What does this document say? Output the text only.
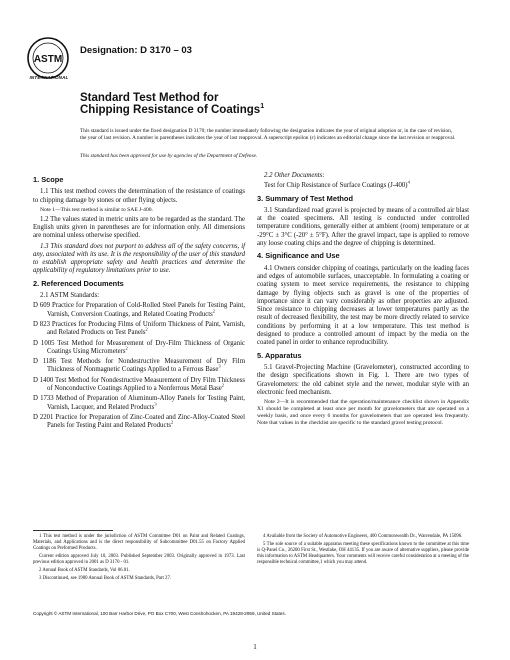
ASTM
INTERNATIONAL
Designation: D 3170 – 03
Standard Test Method for
Chipping Resistance of Coatings$^1$
This standard is issued under the fixed designation D 3170; the number immediately following the designation indicates the year of original adoption or, in the case of revision, the year of last revision. A number in parentheses indicates the year of last reapproval. A superscript epsilon (ε) indicates an editorial change since the last revision or reapproval.
This standard has been approved for use by agencies of the Department of Defense.

1. Scope

1.1 This test method covers the determination of the resistance of coatings to chipping damage by stones or other flying objects.

Note 1—This test method is similar to SAE J-400.

1.2 The values stated in metric units are to be regarded as the standard. The English units given in parentheses are for information only. All dimensions are nominal unless otherwise specified.

1.3 This standard does not purport to address all of the safety concerns, if any, associated with its use. It is the responsibility of the user of this standard to establish appropriate safety and health practices and determine the applicability of regulatory limitations prior to use.

2. Referenced Documents

2.1 ASTM Standards:

D 609 Practice for Preparation of Cold-Rolled Steel Panels for Testing Paint, Varnish, Conversion Coatings, and Related Coating Products$^2$

D 823 Practices for Producing Films of Uniform Thickness of Paint, Varnish, and Related Products on Test Panels$^2$

D 1005 Test Method for Measurement of Dry-Film Thickness of Organic Coatings Using Micrometers$^2$

D 1186 Test Methods for Nondestructive Measurement of Dry Film Thickness of Nonmagnetic Coatings Applied to a Ferrous Base$^3$

D 1400 Test Method for Nondestructive Measurement of Dry Film Thickness of Nonconductive Coatings Applied to a Nonferrous Metal Base$^2$

D 1733 Method of Preparation of Aluminum-Alloy Panels for Testing Paint, Varnish, Lacquer, and Related Products$^3$

D 2201 Practice for Preparation of Zinc-Coated and Zinc-Alloy-Coated Steel Panels for Testing Paint and Related Products$^2$

2.2 Other Documents:

Test for Chip Resistance of Surface Coatings $(J-400)^4$

3. Summary of Test Method

3.1 Standardized road gravel is projected by means of a controlled air blast at the coated specimens. All testing is conducted under controlled temperature conditions, generally either at ambient (room) temperature or at -29°C ± 3°C (-20° ± 5°F). After the gravel impact, tape is applied to remove any loose coating chips and the degree of chipping is determined.

4. Significance and Use

4.1 Owners consider chipping of coatings, particularly on the leading faces and edges of automobile surfaces, unacceptable. In formulating a coating or coating system to meet service requirements, the resistance to chipping damage by flying objects such as gravel is one of the properties of importance since it can vary considerably as other properties are adjusted. Since resistance to chipping decreases at lower temperatures partly as the result of decreased flexibility, the test may be more directly related to service conditions by performing it at a low temperature. This test method is designed to produce a controlled amount of impact by the media on the coated panel in order to enhance reproducibility.

5. Apparatus

5.1 Gravel-Projecting Machine (Gravelometer), constructed according to the design specifications shown in Fig. 1. There are two types of Gravelometers: the old cabinet style and the newer, modular style with an electronic feed mechanism.

Note 2—It is recommended that the operation/maintenance checklist shown in Appendix X1 should be completed at least once per month for gravelometers that are operated on a weekly basis, and once every 6 months for gravelometers that are operated less frequently. Note that values in the checklist are specific to the standard gravel testing protocol.

1 This test method is under the jurisdiction of ASTM Committee D01 on Paint and Related Coatings, Materials, and Applications and is the direct responsibility of Subcommittee D01.55 on Factory Applied Coatings on Preformed Products.

Current edition approved July 10, 2003. Published September 2003. Originally approved in 1973. Last previous edition approved in 2001 as D 3170 - 01.

2 Annual Book of ASTM Standards, Vol 06.01.

3 Discontinued, see 1980 Annual Book of ASTM Standards, Part 27.

4 Available from the Society of Automotive Engineers, 400 Commonwealth Dr., Warrendale, PA 15096.

5 The sole source of a suitable apparatus meeting these specifications known to the committee at this time is Q-Panel Co., 26200 First St., Westlake, OH 44135. If you are aware of alternative suppliers, please provide this information to ASTM Headquarters. Your comments will receive careful consideration at a meeting of the responsible technical committee,1 which you may attend.

Copyright © ASTM International, 100 Barr Harbor Drive, PO Box C700, West Conshohocken, PA 19428-2959, United States.
1
